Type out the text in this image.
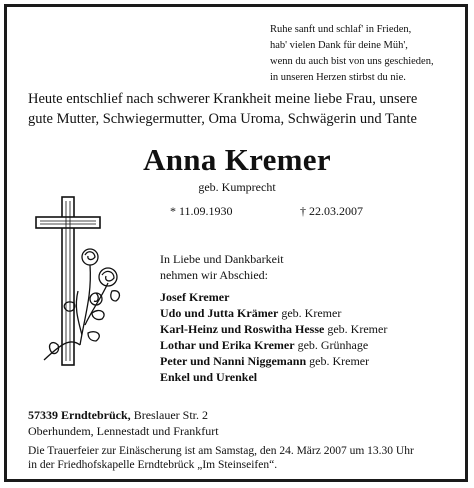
Ruhe sanft und schlaf' in Frieden,
hab' vielen Dank für deine Müh',
wenn du auch bist von uns geschieden,
in unseren Herzen stirbst du nie.
Heute entschlief nach schwerer Krankheit meine liebe Frau, unsere
gute Mutter, Schwiegermutter, Oma Uroma, Schwägerin und Tante
Anna Kremer
geb. Kumprecht
* 11.09.1930	† 22.03.2007
In Liebe und Dankbarkeit
nehmen wir Abschied:
Josef Kremer
Udo und Jutta Krämer geb. Kremer
Karl-Heinz und Roswitha Hesse geb. Kremer
Lothar und Erika Kremer geb. Grünhage
Peter und Nanni Niggemann geb. Kremer
Enkel und Urenkel
57339 Erndtebrück, Breslauer Str. 2
Oberhundem, Lennestadt und Frankfurt
Die Trauerfeier zur Einäscherung ist am Samstag, den 24. März 2007 um 13.30 Uhr
in der Friedhofskapelle Erndtebrück „Im Steinseifen“.
